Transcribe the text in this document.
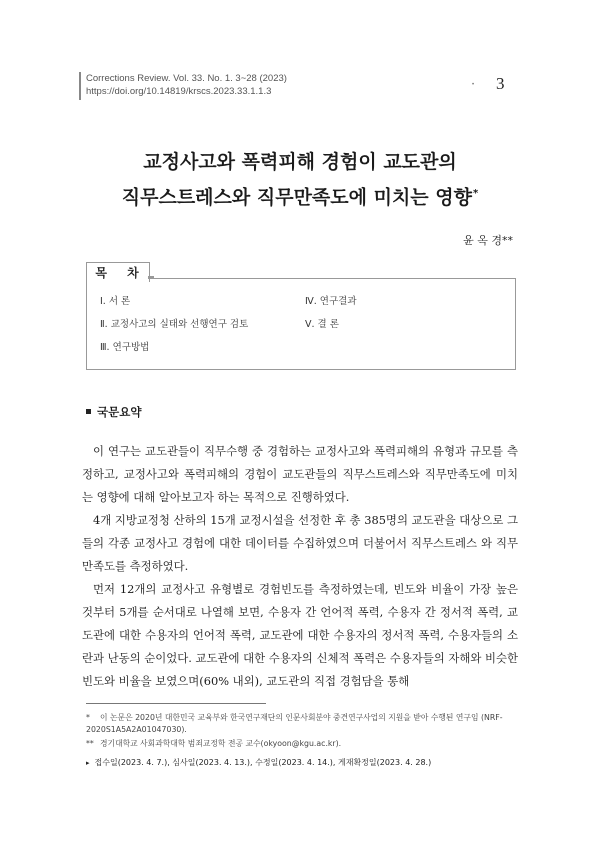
Corrections Review. Vol. 33. No. 1. 3~28 (2023)
https://doi.org/10.14819/krscs.2023.33.1.1.3
• 3
교정사고와 폭력피해 경험이 교도관의
직무스트레스와 직무만족도에 미치는 영향*
윤 옥 경**
목 차
Ⅰ. 서 론
Ⅱ. 교정사고의 실태와 선행연구 검토
Ⅲ. 연구방법
Ⅳ. 연구결과
Ⅴ. 결 론
국문요약

이 연구는 교도관들이 직무수행 중 경험하는 교정사고와 폭력피해의 유형과 규모를 측정하고, 교정사고와 폭력피해의 경험이 교도관들의 직무스트레스와 직무만족도에 미치는 영향에 대해 알아보고자 하는 목적으로 진행하였다.

4개 지방교정청 산하의 15개 교정시설을 선정한 후 총 385명의 교도관을 대상으로 그들의 각종 교정사고 경험에 대한 데이터를 수집하였으며 더불어서 직무스트레스 와 직무만족도를 측정하였다.

먼저 12개의 교정사고 유형별로 경험빈도를 측정하였는데, 빈도와 비율이 가장 높은 것부터 5개를 순서대로 나열해 보면, 수용자 간 언어적 폭력, 수용자 간 정서적 폭력, 교도관에 대한 수용자의 언어적 폭력, 교도관에 대한 수용자의 정서적 폭력, 수용자들의 소란과 난동의 순이었다. 교도관에 대한 수용자의 신체적 폭력은 수용자들의 자해와 비슷한 빈도와 비율을 보였으며(60% 내외), 교도관의 직접 경험담을 통해

* 이 논문은 2020년 대한민국 교육부와 한국연구재단의 인문사회분야 중견연구사업의 지원을 받아 수행된 연구임 (NRF-2020S1A5A2A01047030).
** 경기대학교 사회과학대학 범죄교정학 전공 교수(okyoon@kgu.ac.kr).
▸ 접수일(2023. 4. 7.), 심사일(2023. 4. 13.), 수정일(2023. 4. 14.), 게재확정일(2023. 4. 28.)
